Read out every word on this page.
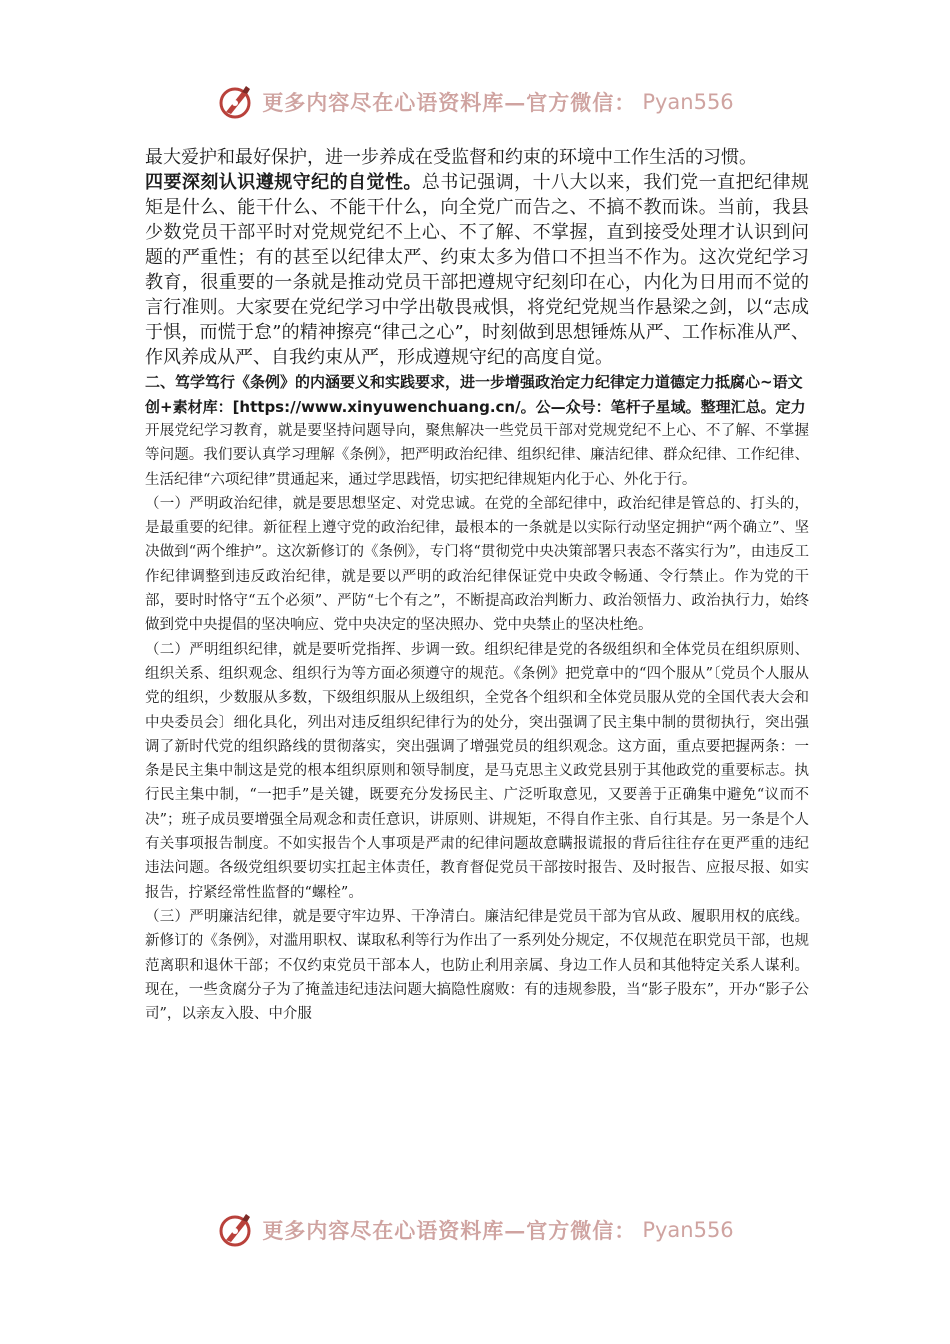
更多内容尽在心语资料库—官方微信： Pyan556

最大爱护和最好保护，进一步养成在受监督和约束的环境中工作生活的习惯。

四要深刻认识遵规守纪的自觉性。总书记强调，十八大以来，我们党一直把纪律规矩是什么、能干什么、不能干什么，向全党广而告之、不搞不教而诛。当前，我县少数党员干部平时对党规党纪不上心、不了解、不掌握，直到接受处理才认识到问题的严重性；有的甚至以纪律太严、约束太多为借口不担当不作为。这次党纪学习教育，很重要的一条就是推动党员干部把遵规守纪刻印在心，内化为日用而不觉的言行准则。大家要在党纪学习中学出敬畏戒惧，将党纪党规当作悬梁之剑，以“志成于惧，而慌于怠”的精神擦亮“律己之心”，时刻做到思想锤炼从严、工作标准从严、作风养成从严、自我约束从严，形成遵规守纪的高度自觉。

二、笃学笃行《条例》的内涵要义和实践要求，进一步增强政治定力纪律定力道德定力抵腐心~语文创+素材库：[https://www.xinyuwenchuang.cn/。公—众号：笔杆子星域。整理汇总。定力

开展党纪学习教育，就是要坚持问题导向，聚焦解决一些党员干部对党规党纪不上心、不了解、不掌握等问题。我们要认真学习理解《条例》，把严明政治纪律、组织纪律、廉洁纪律、群众纪律、工作纪律、生活纪律“六项纪律”贯通起来，通过学思践悟，切实把纪律规矩内化于心、外化于行。

（一）严明政治纪律，就是要思想坚定、对党忠诚。在党的全部纪律中，政治纪律是管总的、打头的，是最重要的纪律。新征程上遵守党的政治纪律，最根本的一条就是以实际行动坚定拥护“两个确立”、坚决做到“两个维护”。这次新修订的《条例》，专门将“贯彻党中央决策部署只表态不落实行为”，由违反工作纪律调整到违反政治纪律，就是要以严明的政治纪律保证党中央政令畅通、令行禁止。作为党的干部，要时时恪守“五个必须”、严防“七个有之”，不断提高政治判断力、政治领悟力、政治执行力，始终做到党中央提倡的坚决响应、党中央决定的坚决照办、党中央禁止的坚决杜绝。

（二）严明组织纪律，就是要听党指挥、步调一致。组织纪律是党的各级组织和全体党员在组织原则、组织关系、组织观念、组织行为等方面必须遵守的规范。《条例》把党章中的“四个服从”〔党员个人服从党的组织，少数服从多数，下级组织服从上级组织，全党各个组织和全体党员服从党的全国代表大会和中央委员会〕细化具化，列出对违反组织纪律行为的处分，突出强调了民主集中制的贯彻执行，突出强调了新时代党的组织路线的贯彻落实，突出强调了增强党员的组织观念。这方面，重点要把握两条：一条是民主集中制这是党的根本组织原则和领导制度，是马克思主义政党县别于其他政党的重要标志。执行民主集中制，“一把手”是关键，既要充分发扬民主、广泛听取意见，又要善于正确集中避免“议而不决”；班子成员要增强全局观念和责任意识，讲原则、讲规矩，不得自作主张、自行其是。另一条是个人有关事项报告制度。不如实报告个人事项是严肃的纪律问题故意瞒报谎报的背后往往存在更严重的违纪违法问题。各级党组织要切实扛起主体责任，教育督促党员干部按时报告、及时报告、应报尽报、如实报告，拧紧经常性监督的“螺栓”。

（三）严明廉洁纪律，就是要守牢边界、干净清白。廉洁纪律是党员干部为官从政、履职用权的底线。新修订的《条例》，对滥用职权、谋取私利等行为作出了一系列处分规定，不仅规范在职党员干部，也规范离职和退休干部；不仅约束党员干部本人，也防止利用亲属、身边工作人员和其他特定关系人谋利。现在，一些贪腐分子为了掩盖违纪违法问题大搞隐性腐败：有的违规参股，当“影子股东”，开办“影子公司”，以亲友入股、中介服

更多内容尽在心语资料库—官方微信： Pyan556
